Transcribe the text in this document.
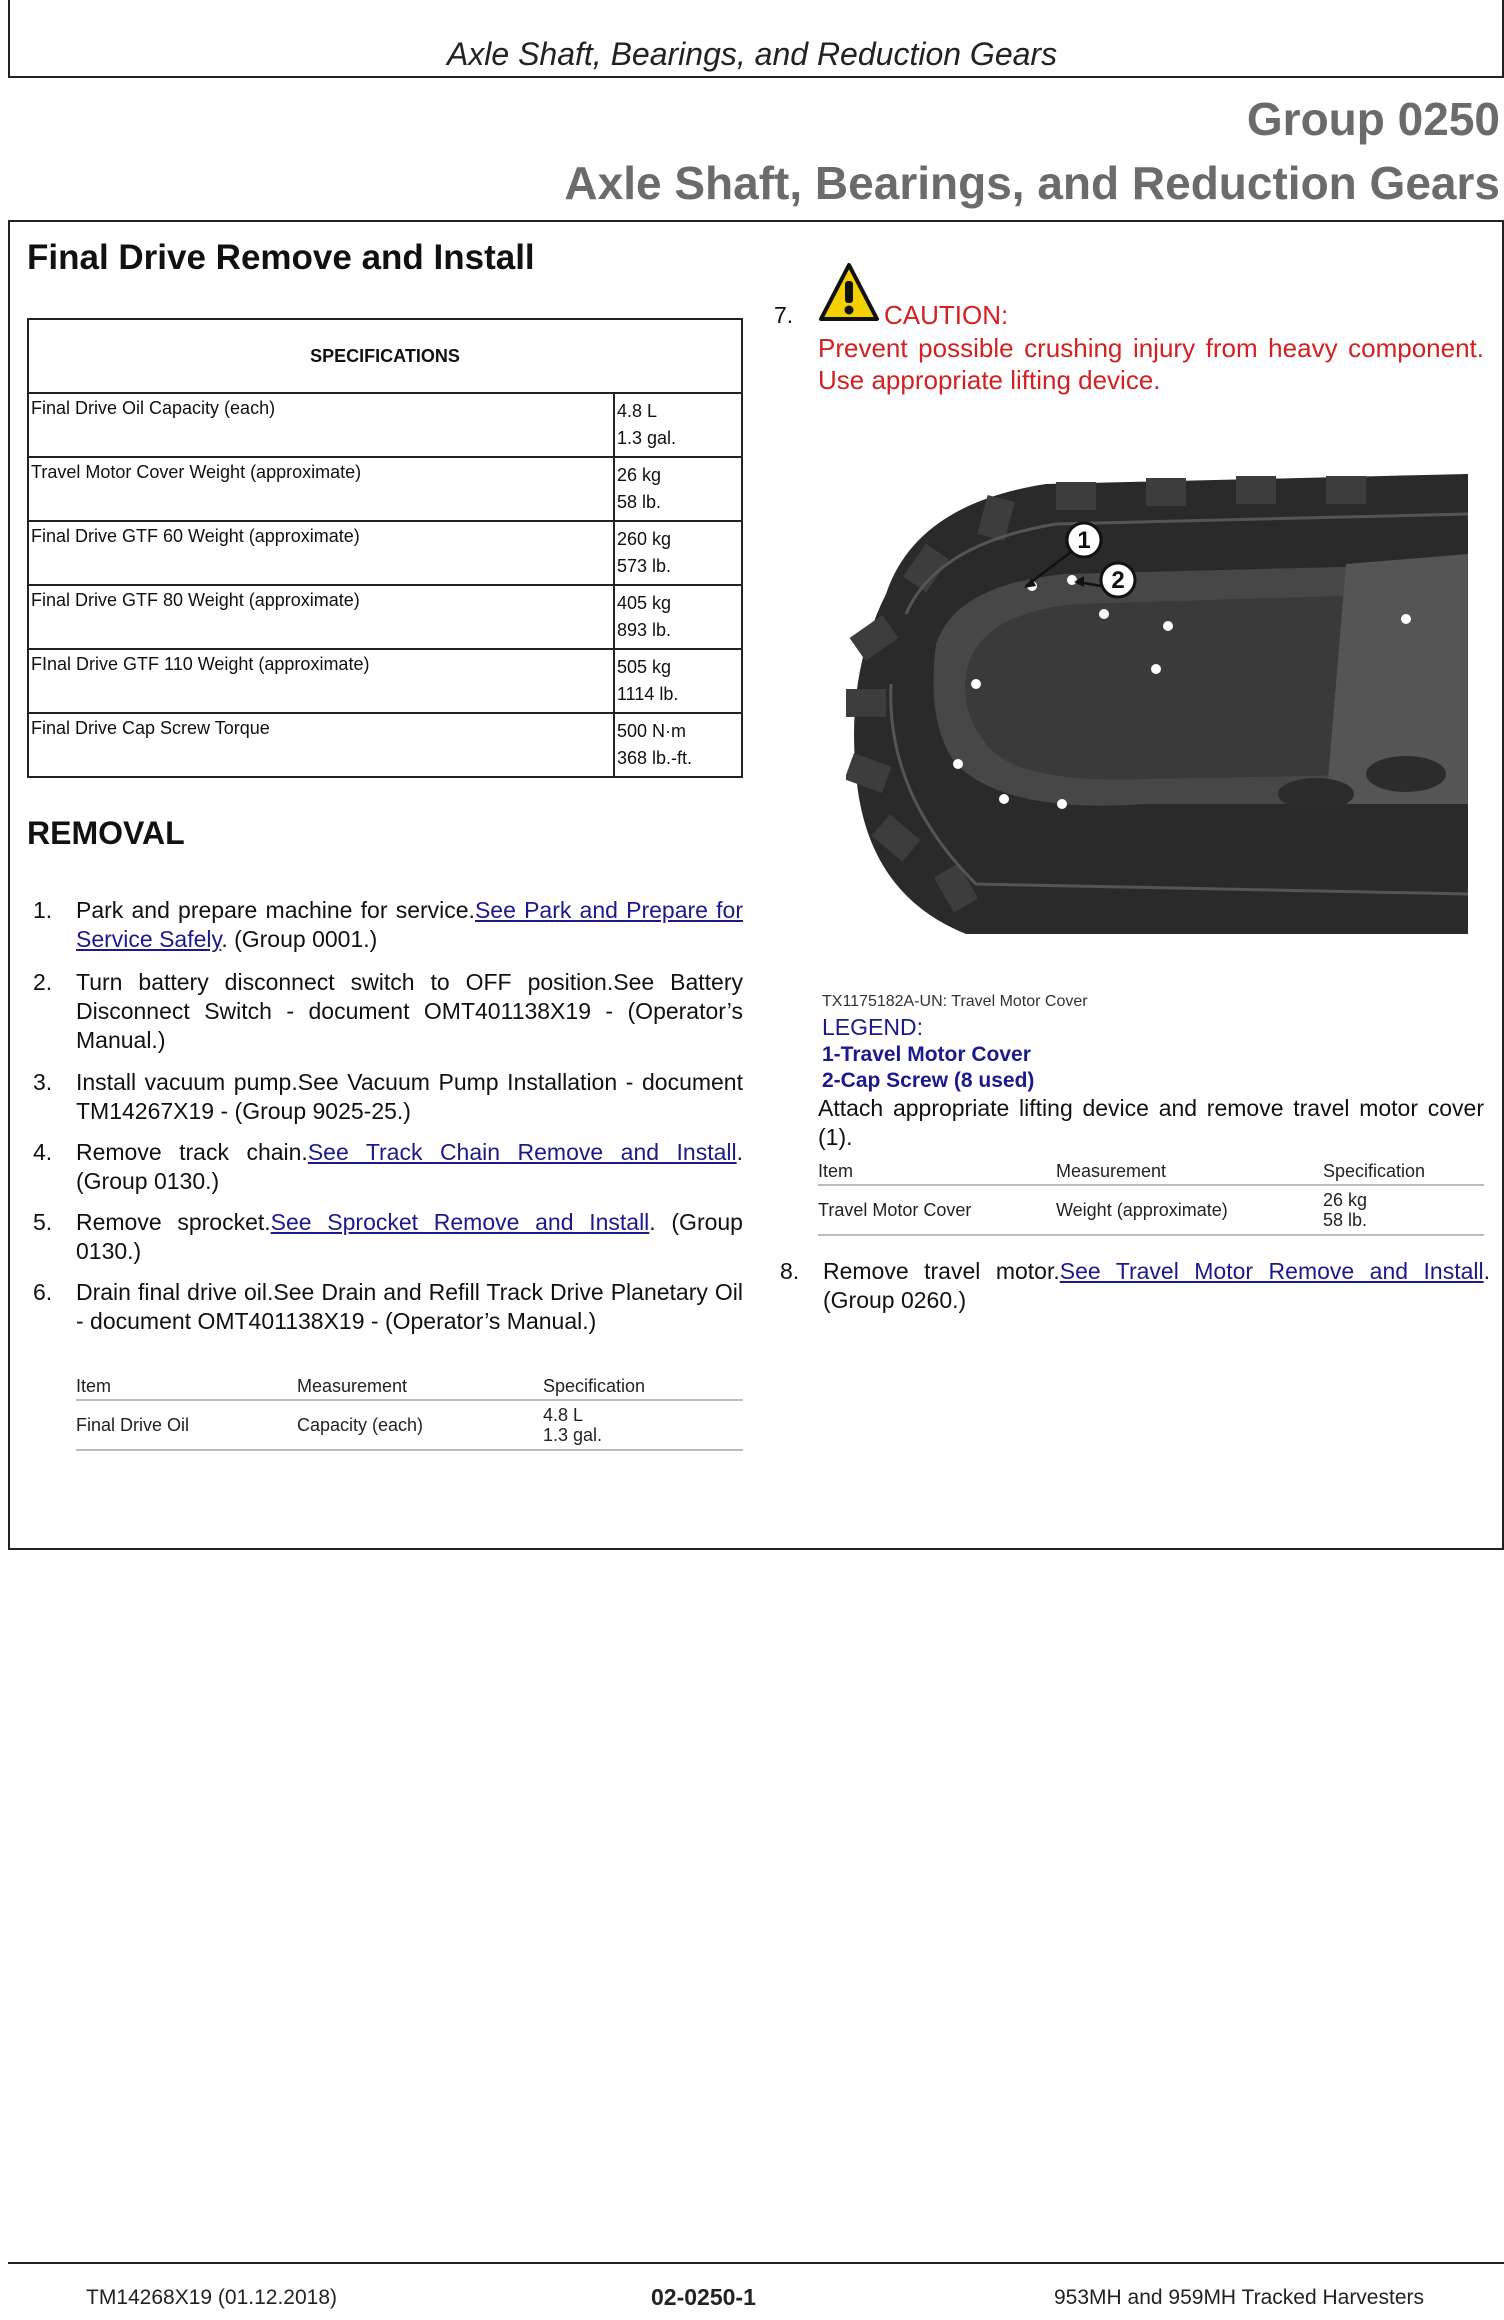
Axle Shaft, Bearings, and Reduction Gears
Group 0250
Axle Shaft, Bearings, and Reduction Gears
Final Drive Remove and Install
SPECIFICATIONS	
Final Drive Oil Capacity (each)	4.8 L
1.3 gal.
Travel Motor Cover Weight (approximate)	26 kg
58 lb.
Final Drive GTF 60 Weight (approximate)	260 kg
573 lb.
Final Drive GTF 80 Weight (approximate)	405 kg
893 lb.
FInal Drive GTF 110 Weight (approximate)	505 kg
1114 lb.
Final Drive Cap Screw Torque	500 N·m
368 lb.-ft.
REMOVAL
1. Park and prepare machine for service.See Park and Prepare for Service Safely. (Group 0001.)
2. Turn battery disconnect switch to OFF position.See Battery Disconnect Switch - document OMT401138X19 - (Operator’s Manual.)
3. Install vacuum pump.See Vacuum Pump Installation - document TM14267X19 - (Group 9025-25.)
4. Remove track chain.See Track Chain Remove and Install. (Group 0130.)
5. Remove sprocket.See Sprocket Remove and Install. (Group 0130.)
6. Drain final drive oil.See Drain and Refill Track Drive Planetary Oil - document OMT401138X19 - (Operator’s Manual.)
Item	Measurement	Specification
Final Drive Oil	Capacity (each)	4.8 L
1.3 gal.
7.	CAUTION:
Prevent possible crushing injury from heavy component. Use appropriate lifting device.
1
2
TX1175182A-UN: Travel Motor Cover
LEGEND:
1-Travel Motor Cover
2-Cap Screw (8 used)
Attach appropriate lifting device and remove travel motor cover (1).
Item	Measurement	Specification
Travel Motor Cover	Weight (approximate)	26 kg
58 lb.
8. Remove travel motor.See Travel Motor Remove and Install. (Group 0260.)
TM14268X19 (01.12.2018)	02-0250-1	953MH and 959MH Tracked Harvesters
